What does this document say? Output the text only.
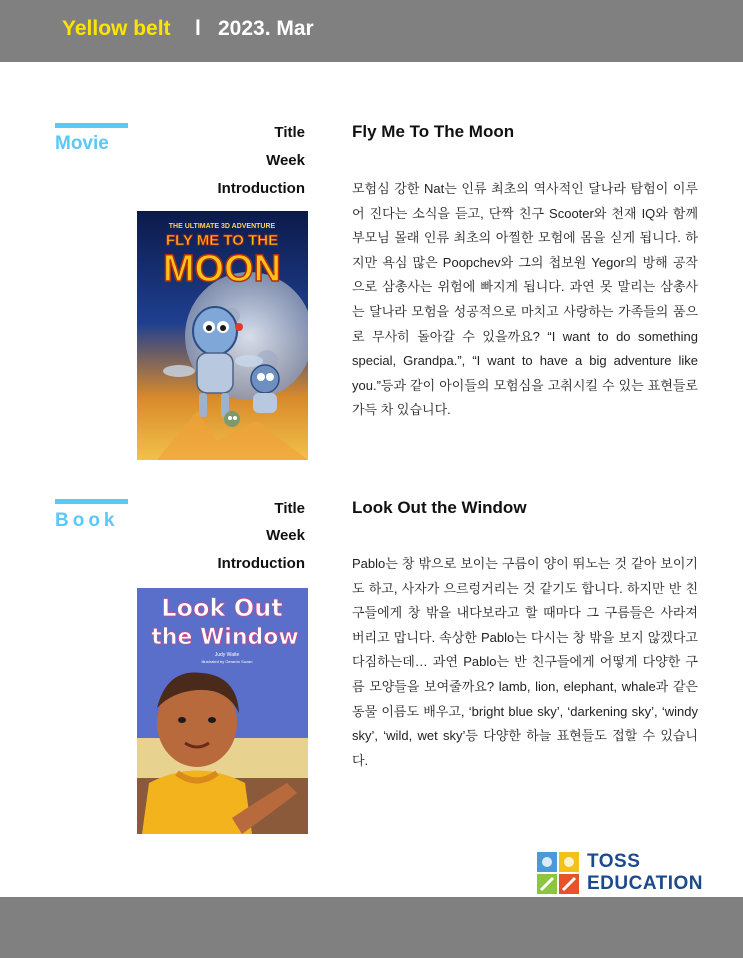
Yellow belt l 2023. Mar
Movie
Title
Week
Introduction
Fly Me To The Moon
모험심 강한 Nat는 인류 최초의 역사적인 달나라 탐험이 이루어 진다는 소식을 듣고, 단짝 친구 Scooter와 천재 IQ와 함께 부모님 몰래 인류 최초의 아찔한 모험에 몸을 싣게 됩니다. 하지만 욕심 많은 Poopchev와 그의 첩보원 Yegor의 방해 공작으로 삼총사는 위험에 빠지게 됩니다. 과연 못 말리는 삼총사는 달나라 모험을 성공적으로 마치고 사랑하는 가족들의 품으로 무사히 돌아갈 수 있을까요? “I want to do something special, Grandpa.”, “I want to have a big adventure like you.”등과 같이 아이들의 모험심을 고취시킬 수 있는 표현들로 가득 차 있습니다.
THE ULTIMATE 3D ADVENTURE
FLY ME TO THE
MOON
Book
Title
Week
Introduction
Look Out the Window
Pablo는 창 밖으로 보이는 구름이 양이 뛰노는 것 같아 보이기도 하고, 사자가 으르렁거리는 것 같기도 합니다. 하지만 반 친구들에게 창 밖을 내다보라고 할 때마다 그 구름들은 사라져 버리고 맙니다. 속상한 Pablo는 다시는 창 밖을 보지 않겠다고 다짐하는데… 과연 Pablo는 반 친구들에게 어떻게 다양한 구름 모양들을 보여줄까요? lamb, lion, elephant, whale과 같은 동물 이름도 배우고, ‘bright blue sky’, ‘darkening sky’, ‘windy sky’, ‘wild, wet sky’등 다양한 하늘 표현들도 접할 수 있습니다.
Look Out
the Window
Judy Waite
Illustrated by Gerardo Suzan
TOSS
EDUCATION
